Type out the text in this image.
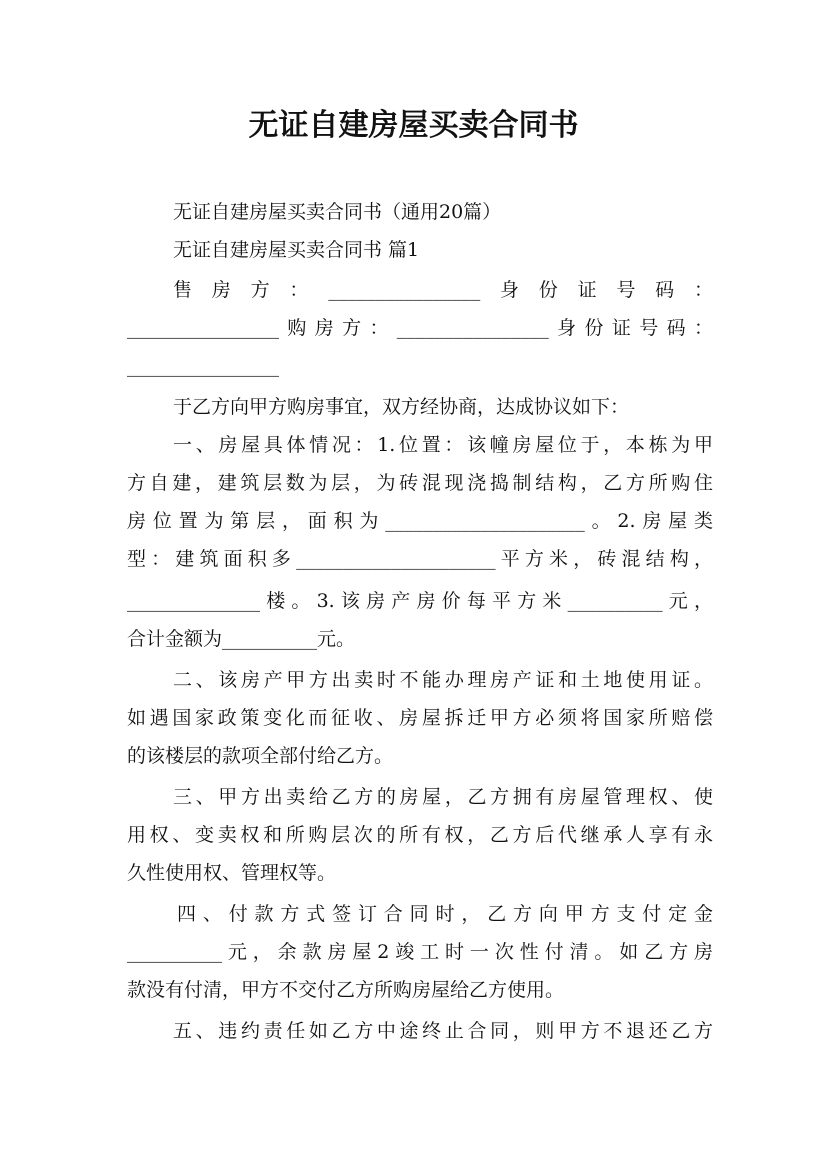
无证自建房屋买卖合同书
无证自建房屋买卖合同书（通用20篇）
无证自建房屋买卖合同书 篇1
售房方：________________身份证号码：
________________购房方：________________身份证号码：
________________
于乙方向甲方购房事宜，双方经协商，达成协议如下：
一、房屋具体情况：1.位置：该幢房屋位于，本栋为甲
方自建，建筑层数为层，为砖混现浇捣制结构，乙方所购住
房位置为第层，面积为_____________________。2.房屋类
型：建筑面积多_____________________平方米，砖混结构，
______________楼。3.该房产房价每平方米__________元，
合计金额为__________元。
二、该房产甲方出卖时不能办理房产证和土地使用证。
如遇国家政策变化而征收、房屋拆迁甲方必须将国家所赔偿
的该楼层的款项全部付给乙方。
三、甲方出卖给乙方的房屋，乙方拥有房屋管理权、使
用权、变卖权和所购层次的所有权，乙方后代继承人享有永
久性使用权、管理权等。
四、付款方式签订合同时，乙方向甲方支付定金
__________元，余款房屋2竣工时一次性付清。如乙方房
款没有付清，甲方不交付乙方所购房屋给乙方使用。
五、违约责任如乙方中途终止合同，则甲方不退还乙方
